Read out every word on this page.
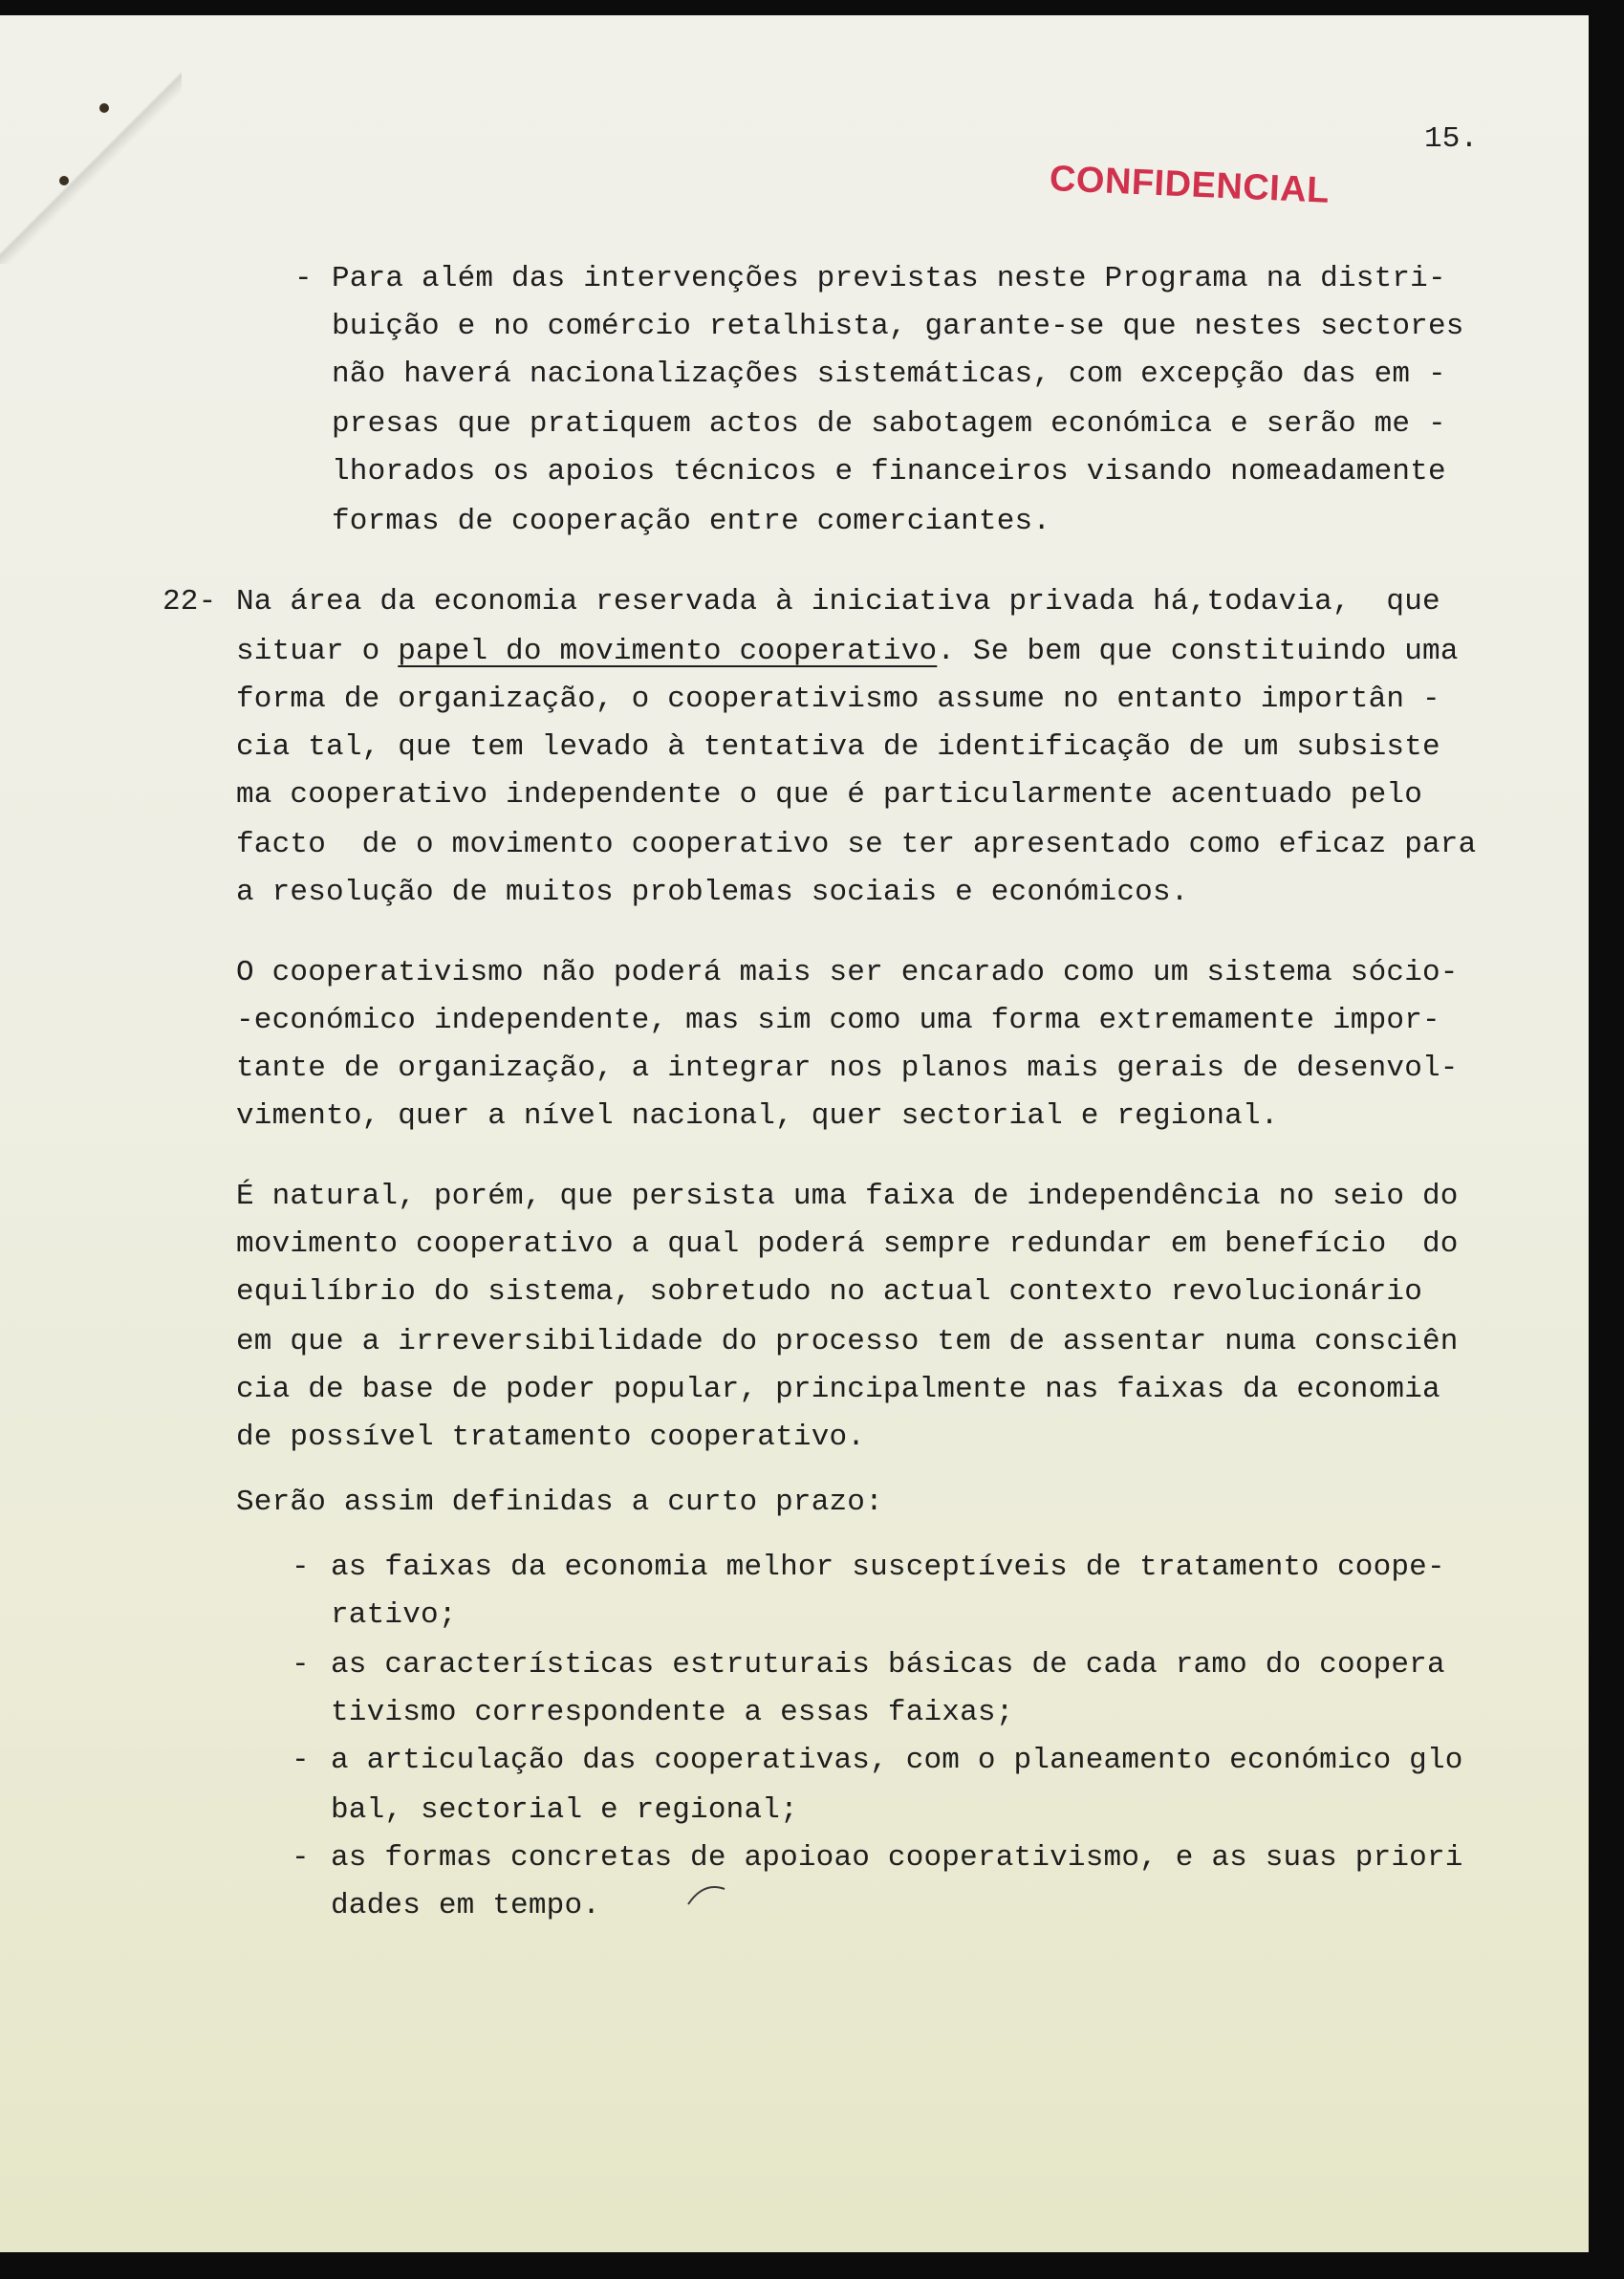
15.
CONFIDENCIAL
- Para além das intervenções previstas neste Programa na distri-
buição e no comércio retalhista, garante-se que nestes sectores
não haverá nacionalizações sistemáticas, com excepção das em -
presas que pratiquem actos de sabotagem económica e serão me -
lhorados os apoios técnicos e financeiros visando nomeadamente
formas de cooperação entre comerciantes.
22- Na área da economia reservada à iniciativa privada há,todavia,  que
situar o papel do movimento cooperativo. Se bem que constituindo uma
forma de organização, o cooperativismo assume no entanto importân -
cia tal, que tem levado à tentativa de identificação de um subsiste
ma cooperativo independente o que é particularmente acentuado pelo
facto  de o movimento cooperativo se ter apresentado como eficaz para
a resolução de muitos problemas sociais e económicos.
O cooperativismo não poderá mais ser encarado como um sistema sócio-
-económico independente, mas sim como uma forma extremamente impor-
tante de organização, a integrar nos planos mais gerais de desenvol-
vimento, quer a nível nacional, quer sectorial e regional.
É natural, porém, que persista uma faixa de independência no seio do
movimento cooperativo a qual poderá sempre redundar em benefício  do
equilíbrio do sistema, sobretudo no actual contexto revolucionário
em que a irreversibilidade do processo tem de assentar numa consciên
cia de base de poder popular, principalmente nas faixas da economia
de possível tratamento cooperativo.
Serão assim definidas a curto prazo:
- as faixas da economia melhor susceptíveis de tratamento coope-
rativo;
- as características estruturais básicas de cada ramo do coopera
tivismo correspondente a essas faixas;
- a articulação das cooperativas, com o planeamento económico glo
bal, sectorial e regional;
- as formas concretas de apoioao cooperativismo, e as suas priori
dades em tempo.
